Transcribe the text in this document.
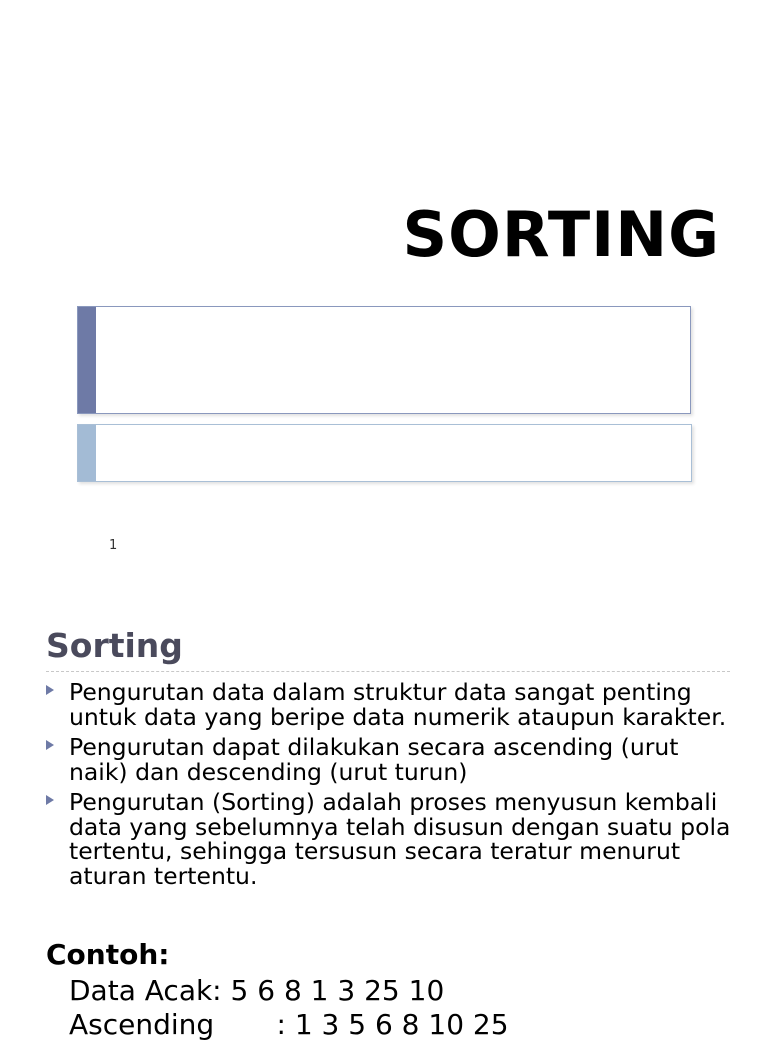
SORTING
1
Sorting
Pengurutan data dalam struktur data sangat penting untuk data yang beripe data numerik ataupun karakter.
Pengurutan dapat dilakukan secara ascending (urut naik) dan descending (urut turun)
Pengurutan (Sorting) adalah proses menyusun kembali data yang sebelumnya telah disusun dengan suatu pola tertentu, sehingga tersusun secara teratur menurut aturan tertentu.
Contoh:
Data Acak: 5 6 8 1 3 25 10
Ascending       : 1 3 5 6 8 10 25
